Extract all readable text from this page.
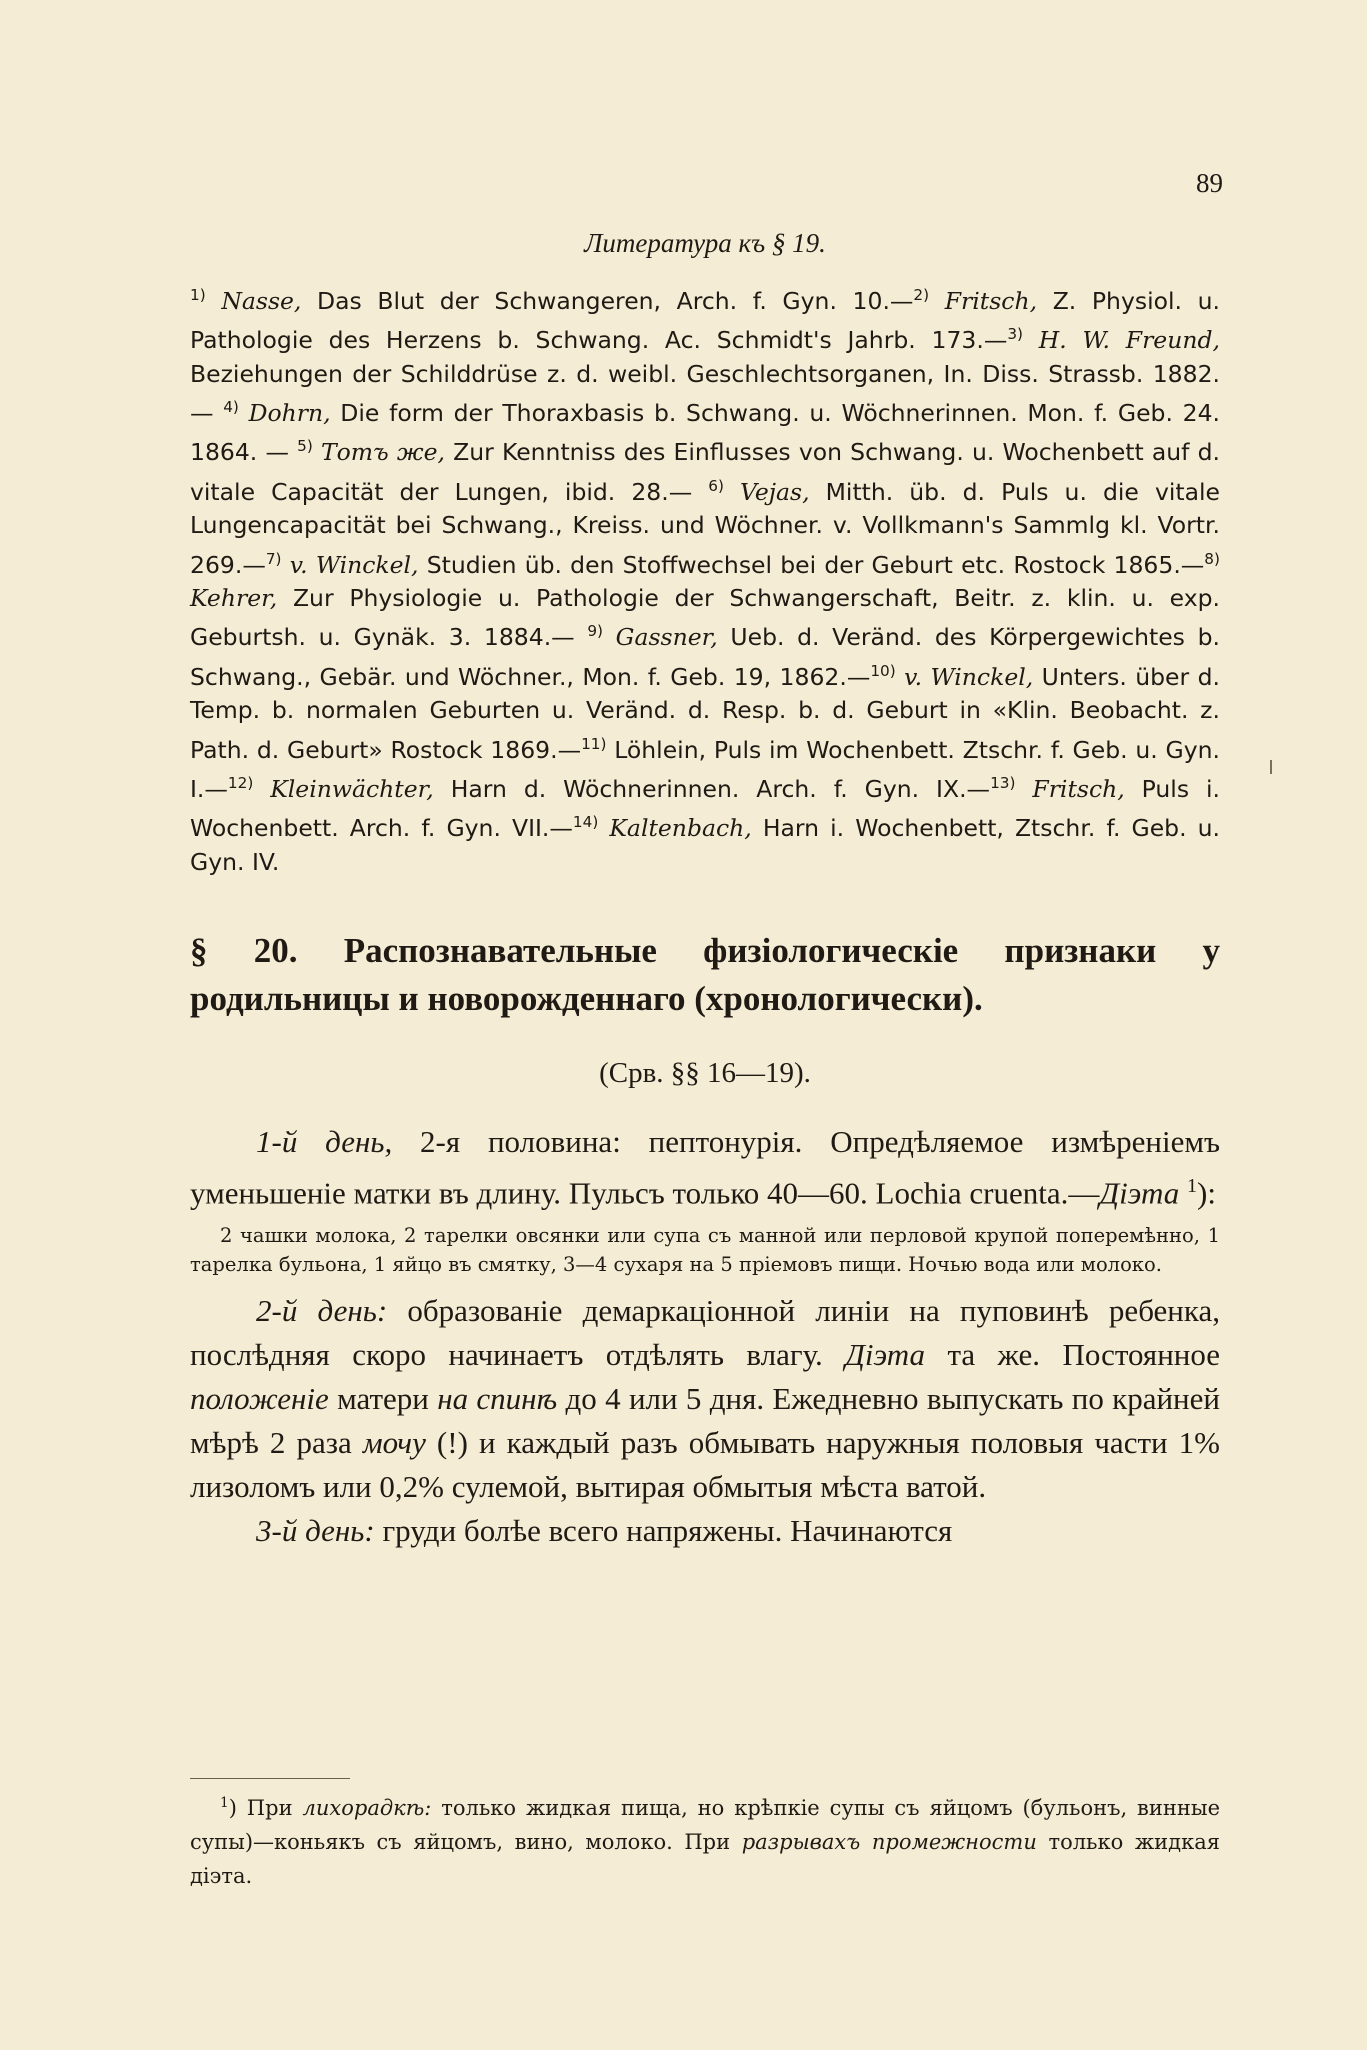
89
Литература къ § 19.

$^{1)}$ Nasse, Das Blut der Schwangeren, Arch. f. Gyn. 10.—$^{2)}$ Fritsch, Z. Physiol. u. Pathologie des Herzens b. Schwang. Ac. Schmidt's Jahrb. 173.—$^{3)}$ H. W. Freund, Beziehungen der Schilddrüse z. d. weibl. Geschlechtsorganen, In. Diss. Strassb. 1882. — $^{4)}$ Dohrn, Die form der Thoraxbasis b. Schwang. u. Wöchnerinnen. Mon. f. Geb. 24. 1864. — $^{5)}$ Тотъ же, Zur Kenntniss des Einflusses von Schwang. u. Wochenbett auf d. vitale Capacität der Lungen, ibid. 28.— $^{6)}$ Vejas, Mitth. üb. d. Puls u. die vitale Lungencapacität bei Schwang., Kreiss. und Wöchner. v. Vollkmann's Sammlg kl. Vortr. 269.—$^{7)}$ v. Winckel, Studien üb. den Stoffwechsel bei der Geburt etc. Rostock 1865.—$^{8)}$ Kehrer, Zur Physiologie u. Pathologie der Schwangerschaft, Beitr. z. klin. u. exp. Geburtsh. u. Gynäk. 3. 1884.— $^{9)}$ Gassner, Ueb. d. Veränd. des Körpergewichtes b. Schwang., Gebär. und Wöchner., Mon. f. Geb. 19, 1862.—$^{10)}$ v. Winckel, Unters. über d. Temp. b. normalen Geburten u. Veränd. d. Resp. b. d. Geburt in «Klin. Beobacht. z. Path. d. Geburt» Rostock 1869.—$^{11)}$ Löhlein, Puls im Wochenbett. Ztschr. f. Geb. u. Gyn. I.—$^{12)}$ Kleinwächter, Harn d. Wöchnerinnen. Arch. f. Gyn. IX.—$^{13)}$ Fritsch, Puls i. Wochenbett. Arch. f. Gyn. VII.—$^{14)}$ Kaltenbach, Harn i. Wochenbett, Ztschr. f. Geb. u. Gyn. IV.

§ 20. Распознавательные физіологическіе признаки у родильницы и новорожденнаго (хронологически).
(Срв. §§ 16—19).

1-й день, 2-я половина: пептонурія. Опредѣляемое измѣреніемъ уменьшеніе матки въ длину. Пульсъ только 40—60. Lochia cruenta.—Діэта $^1$):

2 чашки молока, 2 тарелки овсянки или супа съ манной или перловой крупой поперемѣнно, 1 тарелка бульона, 1 яйцо въ смятку, 3—4 сухаря на 5 пріемовъ пищи. Ночью вода или молоко.

2-й день: образованіе демаркаціонной линіи на пуповинѣ ребенка, послѣдняя скоро начинаетъ отдѣлять влагу. Діэта та же. Постоянное положеніе матери на спинѣ до 4 или 5 дня. Ежедневно выпускать по крайней мѣрѣ 2 раза мочу (!) и каждый разъ обмывать наружныя половыя части 1% лизоломъ или 0,2% сулемой, вытирая обмытыя мѣста ватой.

3-й день: груди болѣе всего напряжены. Начинаются

$^1$) При лихорадкѣ: только жидкая пища, но крѣпкіе супы съ яйцомъ (бульонъ, винные супы)—коньякъ съ яйцомъ, вино, молоко. При разрывахъ промежности только жидкая діэта.
